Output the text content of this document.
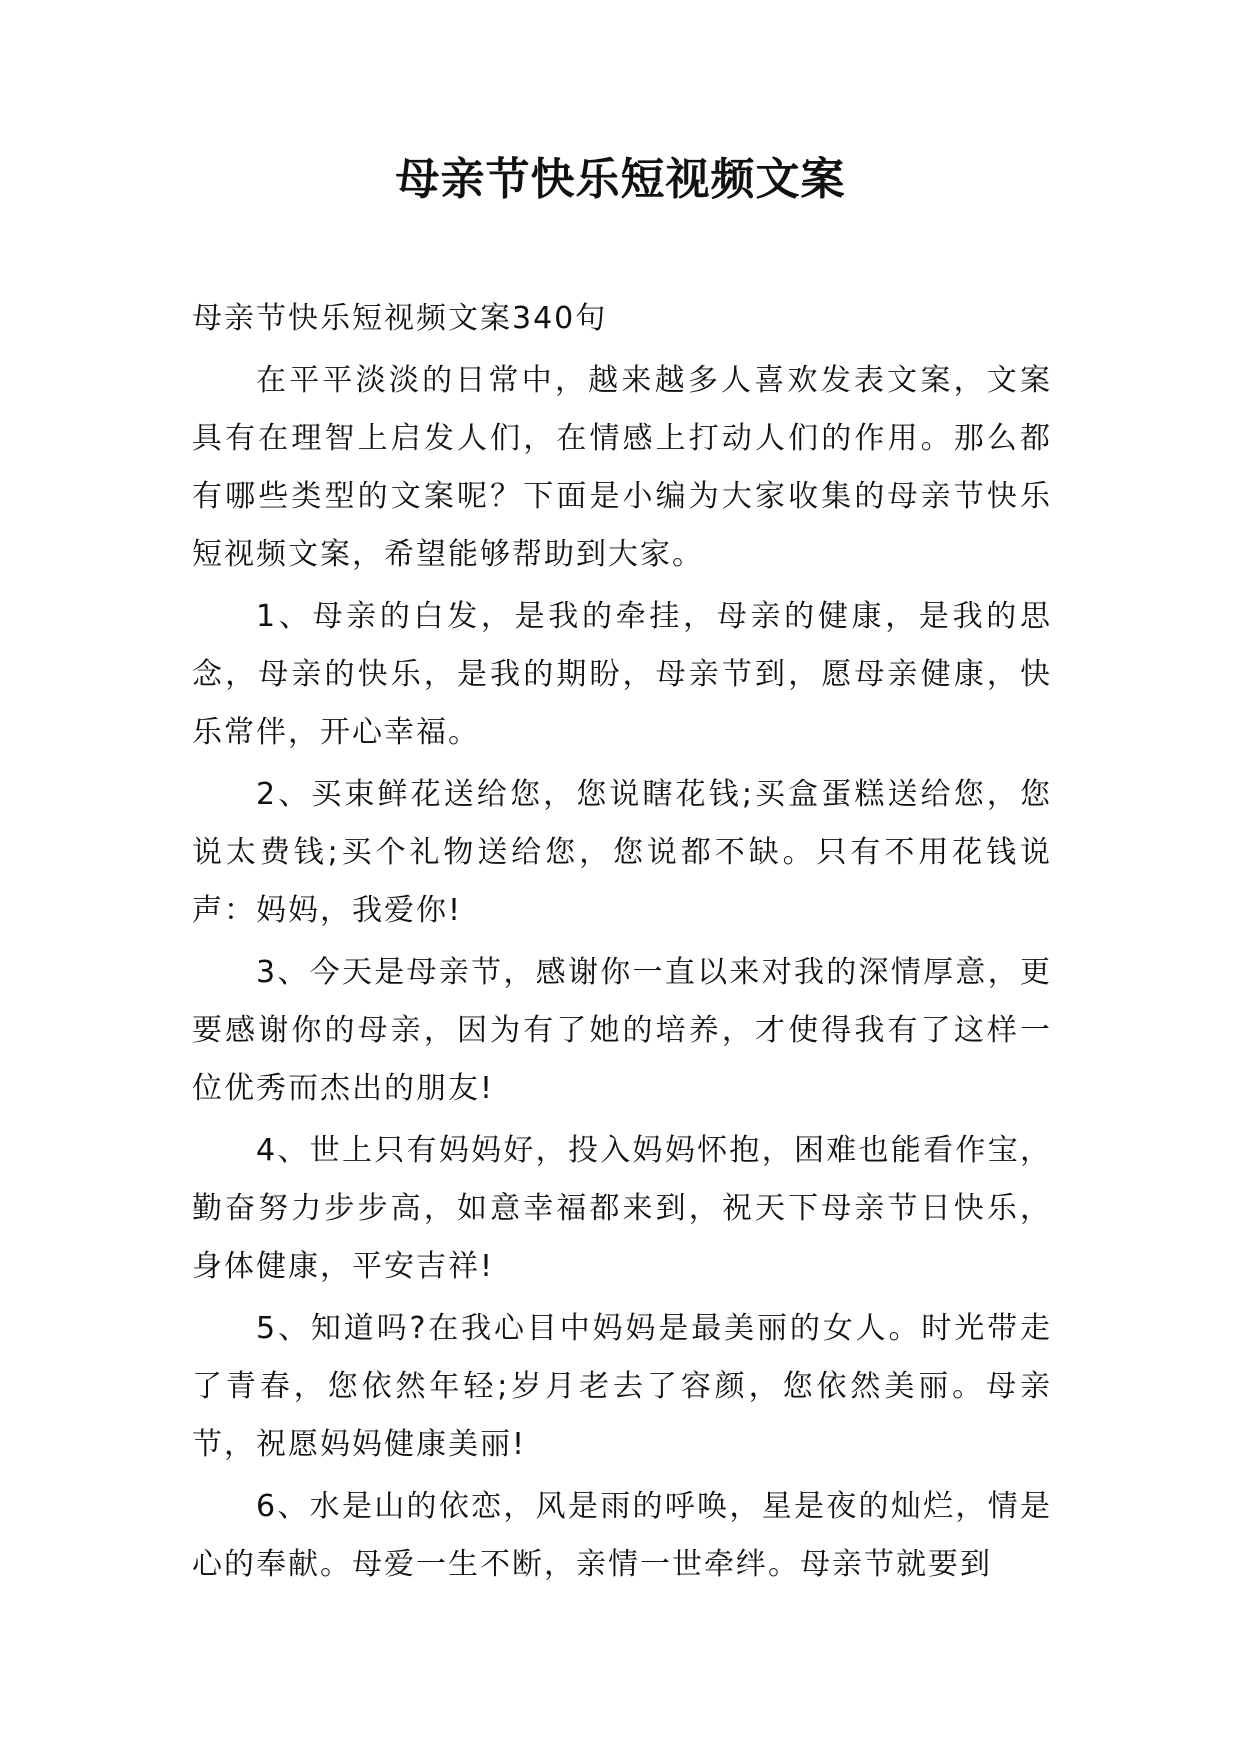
母亲节快乐短视频文案

母亲节快乐短视频文案340句

在平平淡淡的日常中，越来越多人喜欢发表文案，文案具有在理智上启发人们，在情感上打动人们的作用。那么都有哪些类型的文案呢？下面是小编为大家收集的母亲节快乐短视频文案，希望能够帮助到大家。

1、母亲的白发，是我的牵挂，母亲的健康，是我的思念，母亲的快乐，是我的期盼，母亲节到，愿母亲健康，快乐常伴，开心幸福。

2、买束鲜花送给您，您说瞎花钱;买盒蛋糕送给您，您说太费钱;买个礼物送给您，您说都不缺。只有不用花钱说声：妈妈，我爱你!

3、今天是母亲节，感谢你一直以来对我的深情厚意，更要感谢你的母亲，因为有了她的培养，才使得我有了这样一位优秀而杰出的朋友!

4、世上只有妈妈好，投入妈妈怀抱，困难也能看作宝，勤奋努力步步高，如意幸福都来到，祝天下母亲节日快乐，身体健康，平安吉祥!

5、知道吗?在我心目中妈妈是最美丽的女人。时光带走了青春，您依然年轻;岁月老去了容颜，您依然美丽。母亲节，祝愿妈妈健康美丽!

6、水是山的依恋，风是雨的呼唤，星是夜的灿烂，情是心的奉献。母爱一生不断，亲情一世牵绊。母亲节就要到
